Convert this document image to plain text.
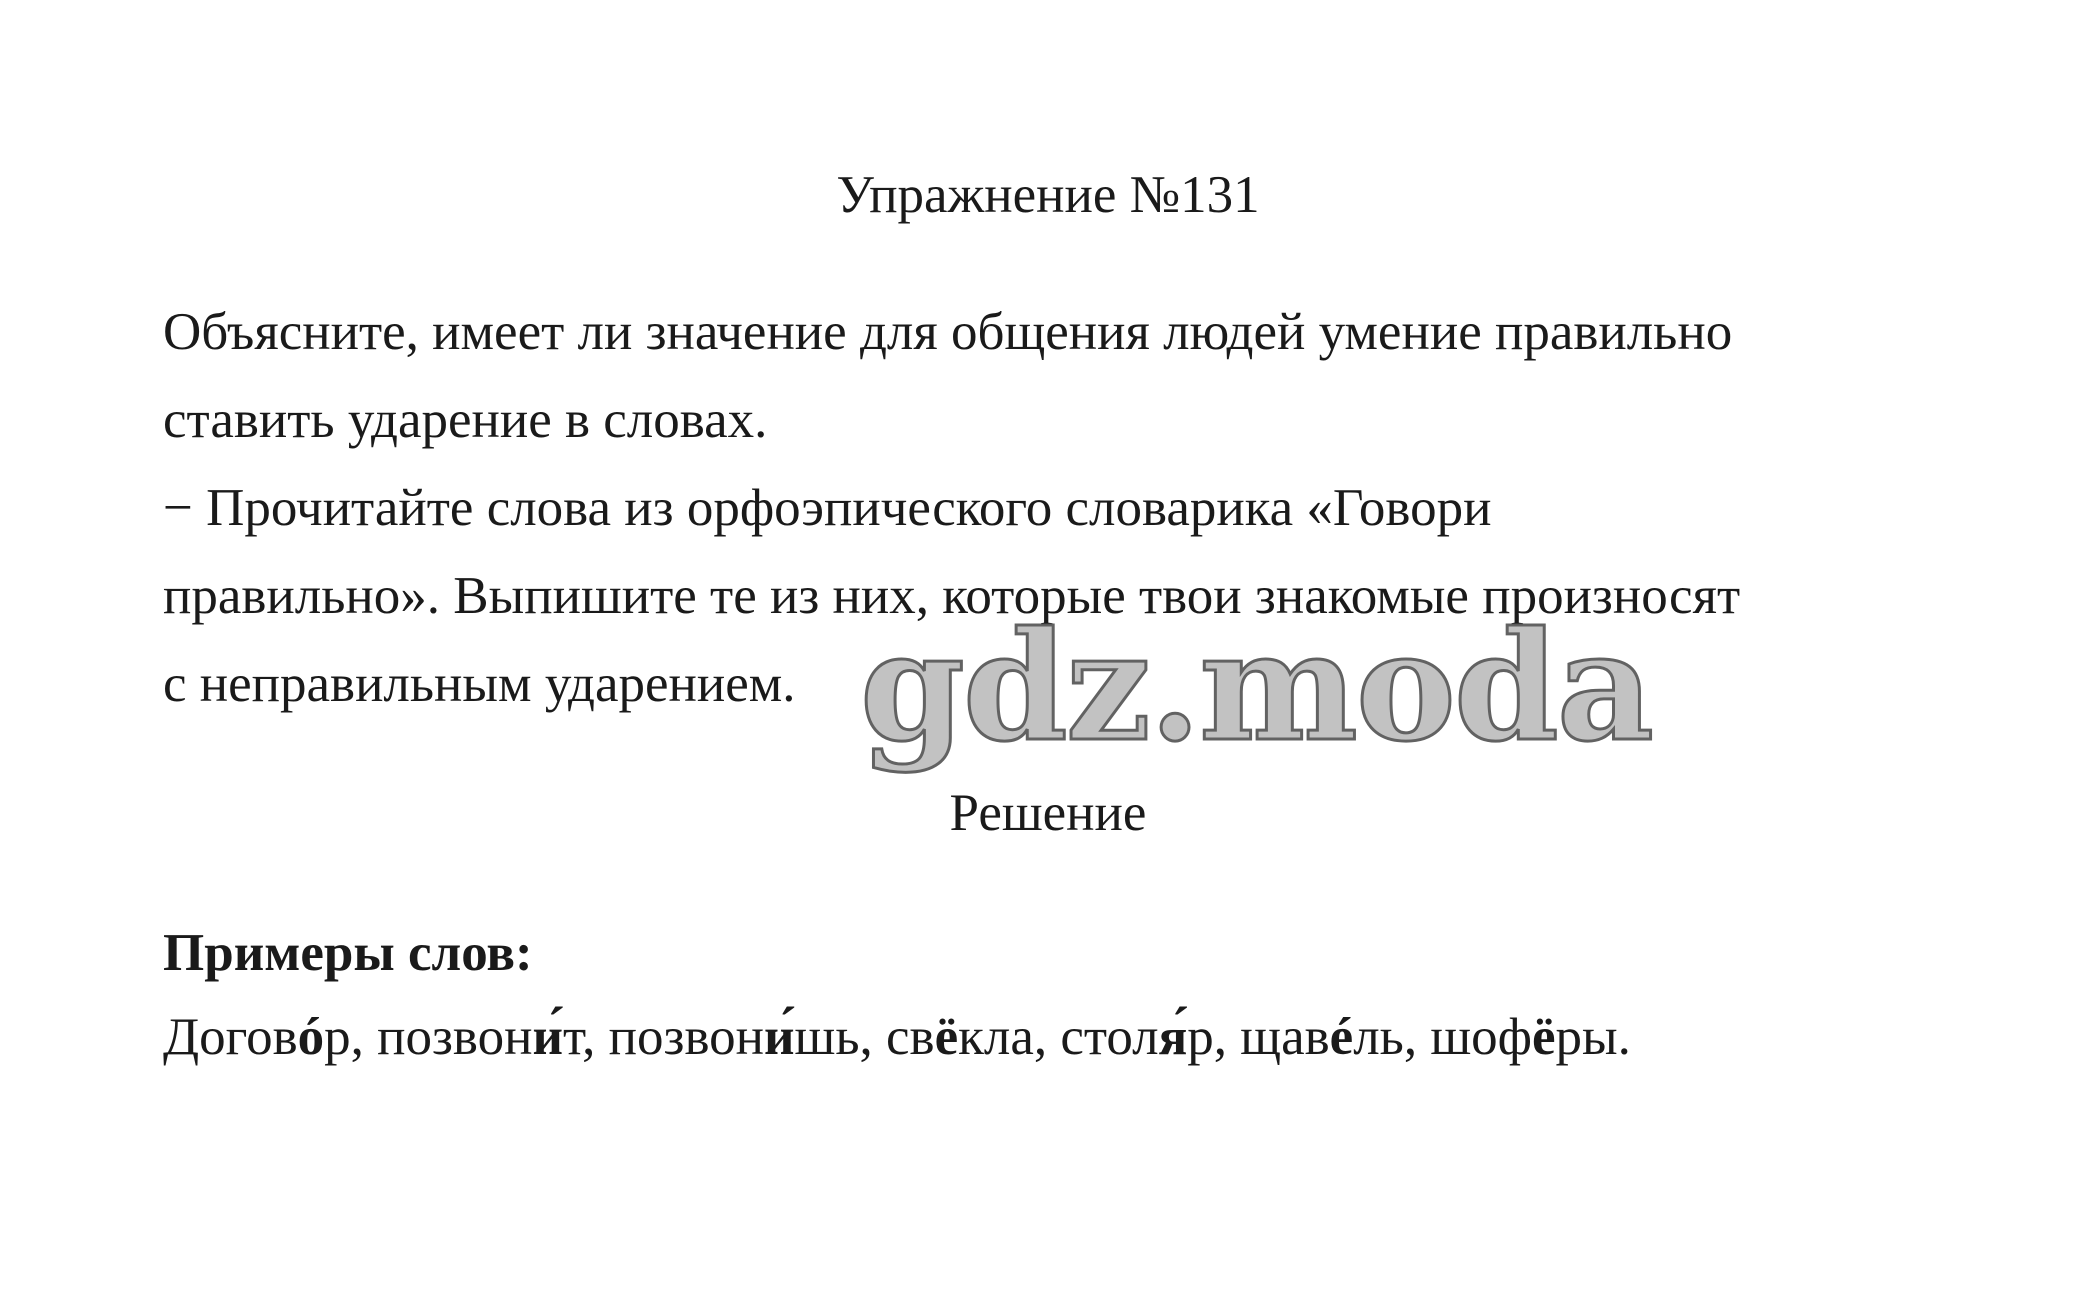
Упражнение №131

Объясните, имеет ли значение для общения людей умение правильно

ставить ударение в словах.

− Прочитайте слова из орфоэпического словарика «Говори

правильно». Выпишите те из них, которые твои знакомые произносят

с неправильным ударением. gdz.moda
Решение
Примеры слов:
Договóр, позвони́т, позвони́шь, свёкла, столя́р, щавéль, шофёры.
